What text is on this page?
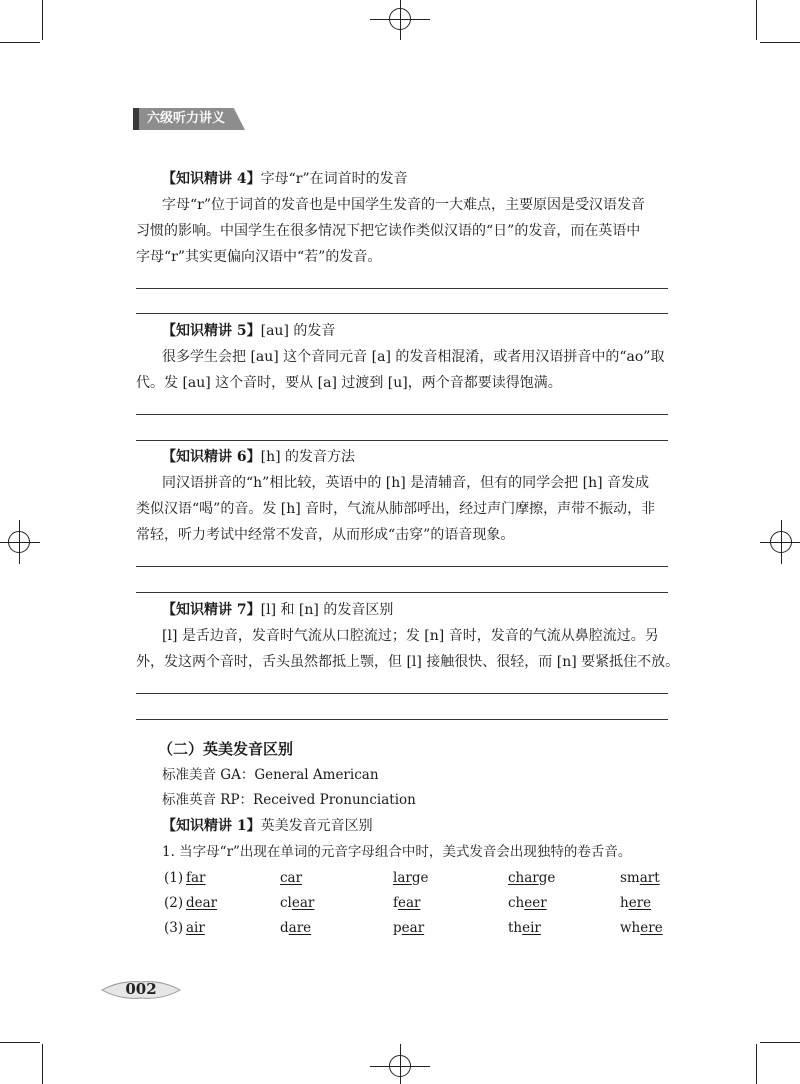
六级听力讲义
【知识精讲 4】字母“r”在词首时的发音
字母“r”位于词首的发音也是中国学生发音的一大难点，主要原因是受汉语发音
习惯的影响。中国学生在很多情况下把它读作类似汉语的“日”的发音，而在英语中
字母“r”其实更偏向汉语中“若”的发音。
【知识精讲 5】[au] 的发音
很多学生会把 [au] 这个音同元音 [a] 的发音相混淆，或者用汉语拼音中的“ao”取
代。发 [au] 这个音时，要从 [a] 过渡到 [u]，两个音都要读得饱满。
【知识精讲 6】[h] 的发音方法
同汉语拼音的“h”相比较，英语中的 [h] 是清辅音，但有的同学会把 [h] 音发成
类似汉语“喝”的音。发 [h] 音时，气流从肺部呼出，经过声门摩擦，声带不振动，非
常轻，听力考试中经常不发音，从而形成“击穿”的语音现象。
【知识精讲 7】[l] 和 [n] 的发音区别
[l] 是舌边音，发音时气流从口腔流过；发 [n] 音时，发音的气流从鼻腔流过。另
外，发这两个音时，舌头虽然都抵上颚，但 [l] 接触很快、很轻，而 [n] 要紧抵住不放。
（二）英美发音区别
标准美音 GA：General American
标准英音 RP：Received Pronunciation
【知识精讲 1】英美发音元音区别
1. 当字母“r”出现在单词的元音字母组合中时，美式发音会出现独特的卷舌音。
(1) far	car	large	charge	smart
(2) dear	clear	fear	cheer	here
(3) air	dare	pear	their	where
002
